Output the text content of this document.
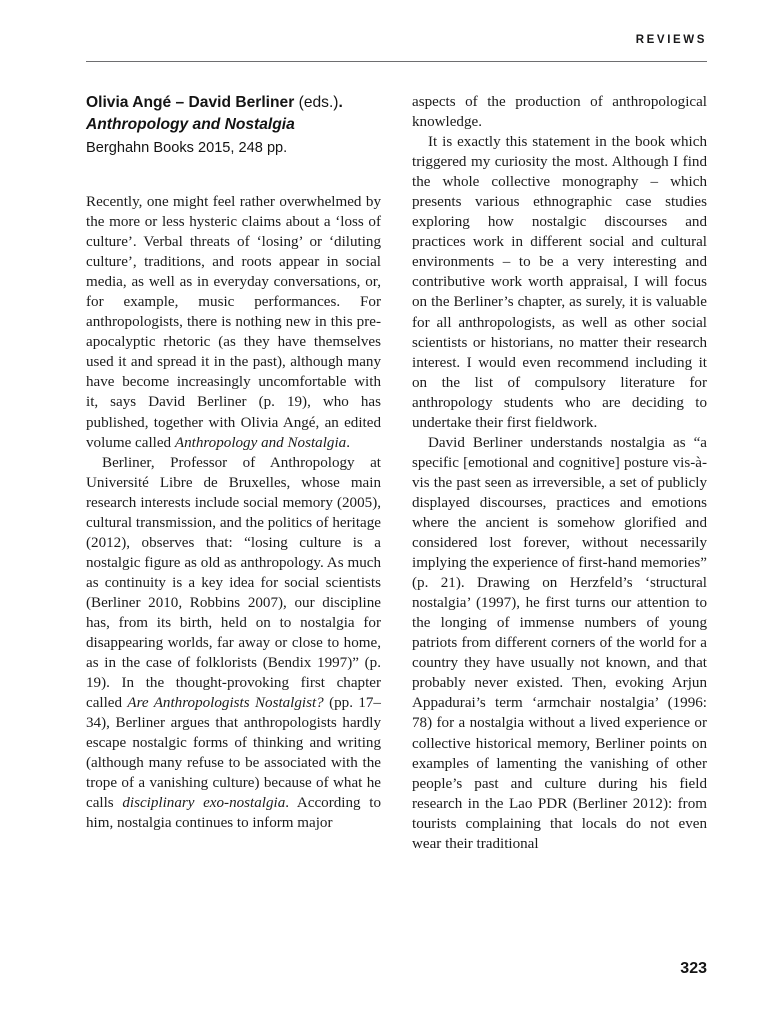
REVIEWS
Olivia Angé – David Berliner (eds.). Anthropology and Nostalgia
Berghahn Books 2015, 248 pp.

Recently, one might feel rather overwhelmed by the more or less hysteric claims about a ‘loss of culture’. Verbal threats of ‘losing’ or ‘diluting culture’, traditions, and roots appear in social media, as well as in everyday conversations, or, for example, music performances. For anthropologists, there is nothing new in this pre-apocalyptic rhetoric (as they have themselves used it and spread it in the past), although many have become increasingly uncomfortable with it, says David Berliner (p. 19), who has published, together with Olivia Angé, an edited volume called Anthropology and Nostalgia.

Berliner, Professor of Anthropology at Université Libre de Bruxelles, whose main research interests include social memory (2005), cultural transmission, and the politics of heritage (2012), observes that: “losing culture is a nostalgic figure as old as anthropology. As much as continuity is a key idea for social scientists (Berliner 2010, Robbins 2007), our discipline has, from its birth, held on to nostalgia for disappearing worlds, far away or close to home, as in the case of folklorists (Bendix 1997)” (p. 19). In the thought-provoking first chapter called Are Anthropologists Nostalgist? (pp. 17–34), Berliner argues that anthropologists hardly escape nostalgic forms of thinking and writing (although many refuse to be associated with the trope of a vanishing culture) because of what he calls disciplinary exo-nostalgia. According to him, nostalgia continues to inform major

aspects of the production of anthropological knowledge.

It is exactly this statement in the book which triggered my curiosity the most. Although I find the whole collective monography – which presents various ethnographic case studies exploring how nostalgic discourses and practices work in different social and cultural environments – to be a very interesting and contributive work worth appraisal, I will focus on the Berliner’s chapter, as surely, it is valuable for all anthropologists, as well as other social scientists or historians, no matter their research interest. I would even recommend including it on the list of compulsory literature for anthropology students who are deciding to undertake their first fieldwork.

David Berliner understands nostalgia as “a specific [emotional and cognitive] posture vis-à-vis the past seen as irreversible, a set of publicly displayed discourses, practices and emotions where the ancient is somehow glorified and considered lost forever, without necessarily implying the experience of first-hand memories” (p. 21). Drawing on Herzfeld’s ‘structural nostalgia’ (1997), he first turns our attention to the longing of immense numbers of young patriots from different corners of the world for a country they have usually not known, and that probably never existed. Then, evoking Arjun Appadurai’s term ‘armchair nostalgia’ (1996: 78) for a nostalgia without a lived experience or collective historical memory, Berliner points on examples of lamenting the vanishing of other people’s past and culture during his field research in the Lao PDR (Berliner 2012): from tourists complaining that locals do not even wear their traditional

323
